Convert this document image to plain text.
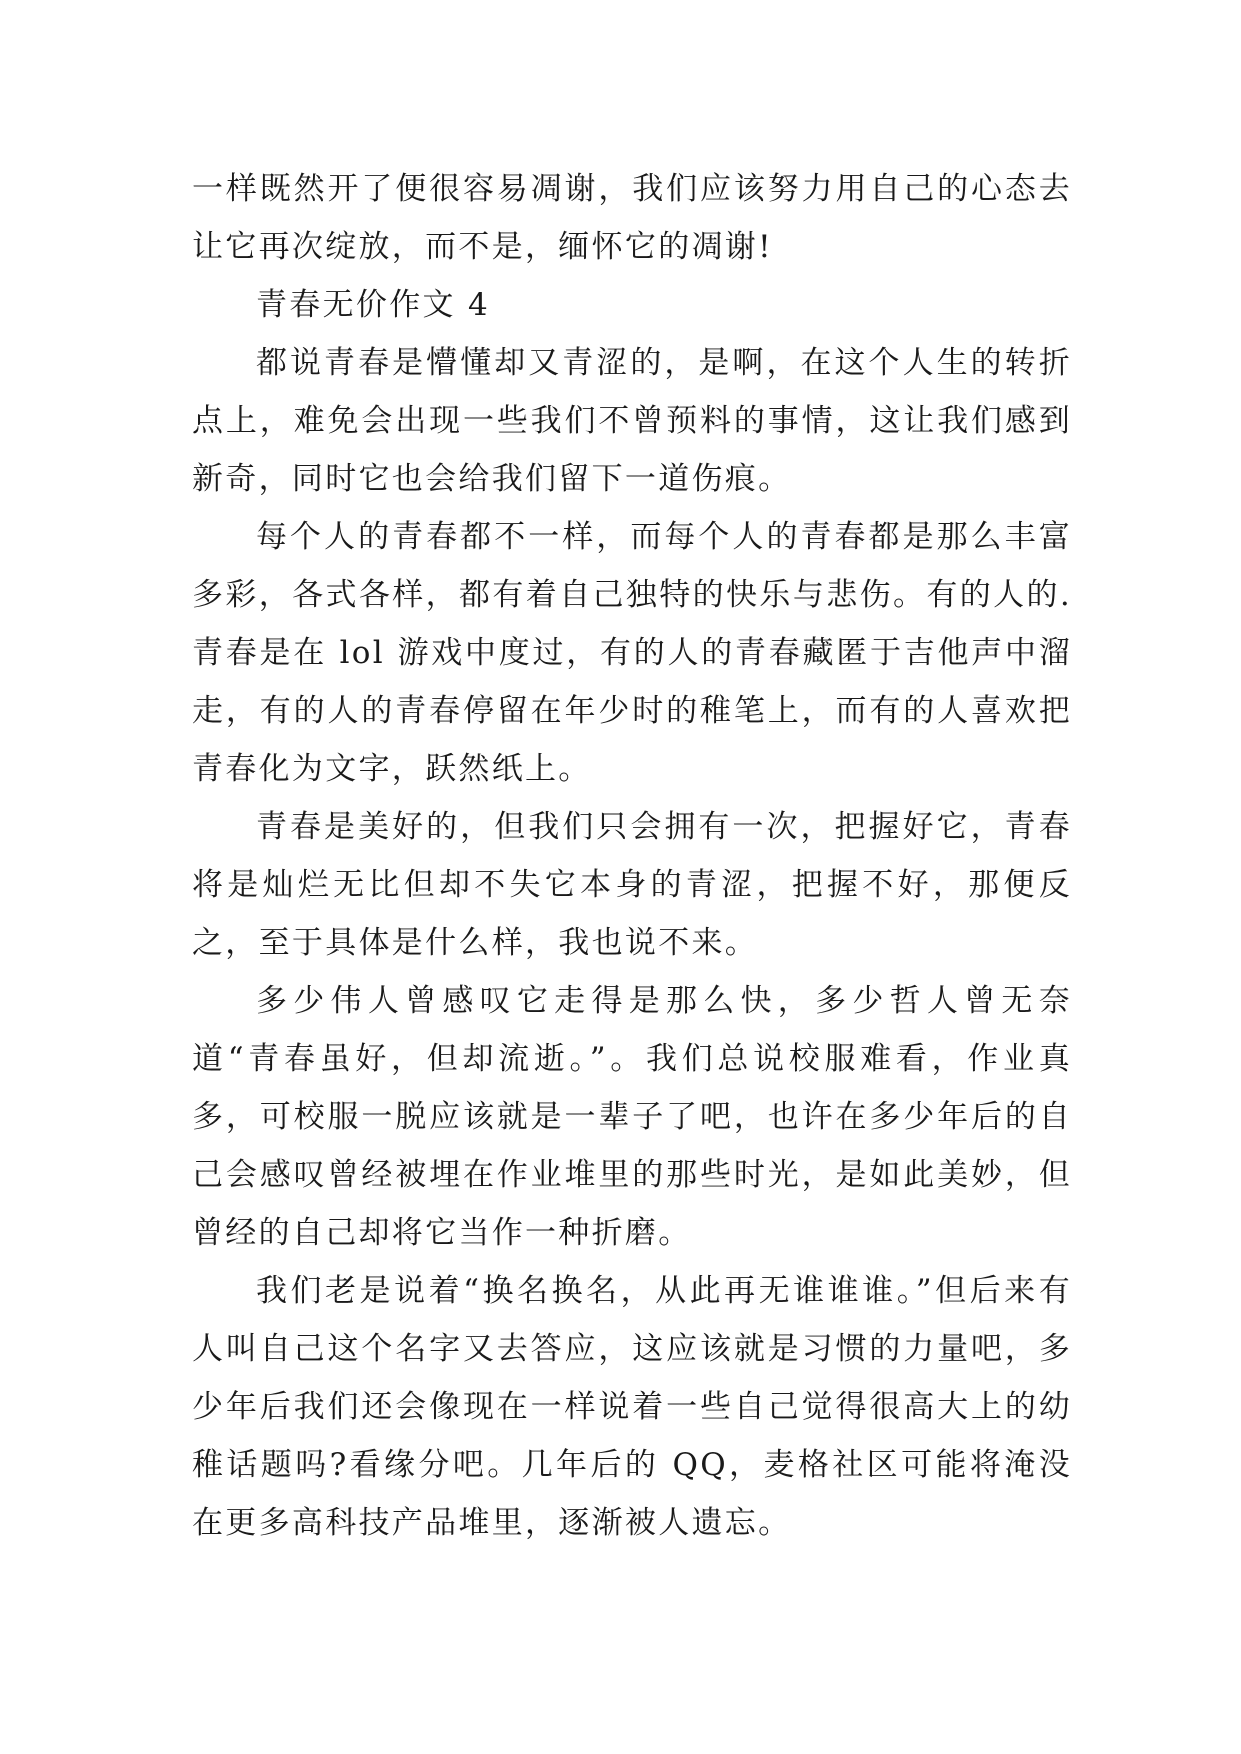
一样既然开了便很容易凋谢，我们应该努力用自己的心态去让它再次绽放，而不是，缅怀它的凋谢!

青春无价作文 4

都说青春是懵懂却又青涩的，是啊，在这个人生的转折点上，难免会出现一些我们不曾预料的事情，这让我们感到新奇，同时它也会给我们留下一道伤痕。

每个人的青春都不一样，而每个人的青春都是那么丰富多彩，各式各样，都有着自己独特的快乐与悲伤。有的人的.青春是在 lol 游戏中度过，有的人的青春藏匿于吉他声中溜走，有的人的青春停留在年少时的稚笔上，而有的人喜欢把青春化为文字，跃然纸上。

青春是美好的，但我们只会拥有一次，把握好它，青春将是灿烂无比但却不失它本身的青涩，把握不好，那便反之，至于具体是什么样，我也说不来。

多少伟人曾感叹它走得是那么快，多少哲人曾无奈道“青春虽好，但却流逝。”。我们总说校服难看，作业真多，可校服一脱应该就是一辈子了吧，也许在多少年后的自己会感叹曾经被埋在作业堆里的那些时光，是如此美妙，但曾经的自己却将它当作一种折磨。

我们老是说着“换名换名，从此再无谁谁谁。”但后来有人叫自己这个名字又去答应，这应该就是习惯的力量吧，多少年后我们还会像现在一样说着一些自己觉得很高大上的幼稚话题吗?看缘分吧。几年后的 QQ，麦格社区可能将淹没在更多高科技产品堆里，逐渐被人遗忘。
